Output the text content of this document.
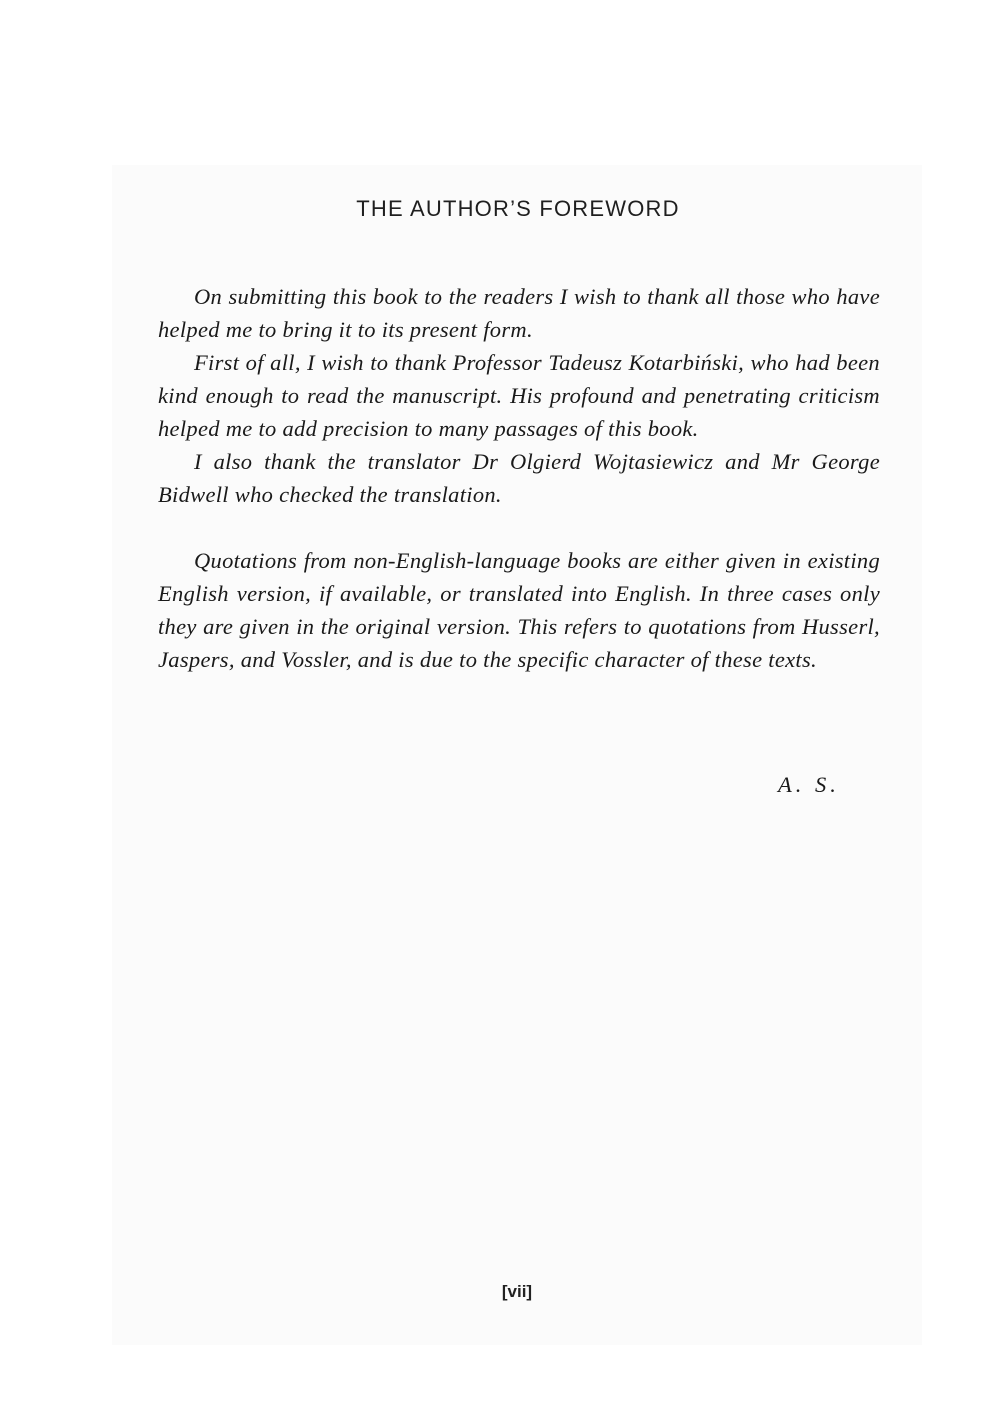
THE AUTHOR’S FOREWORD

On submitting this book to the readers I wish to thank all those who have helped me to bring it to its present form.

First of all, I wish to thank Professor Tadeusz Kotarbiński, who had been kind enough to read the manuscript. His profound and penetrating criticism helped me to add precision to many passages of this book.

I also thank the translator Dr Olgierd Wojtasiewicz and Mr George Bidwell who checked the translation.

Quotations from non-English-language books are either given in existing English version, if available, or translated into English. In three cases only they are given in the original version. This refers to quotations from Husserl, Jaspers, and Vossler, and is due to the specific character of these texts.

A. S.
[vii]
